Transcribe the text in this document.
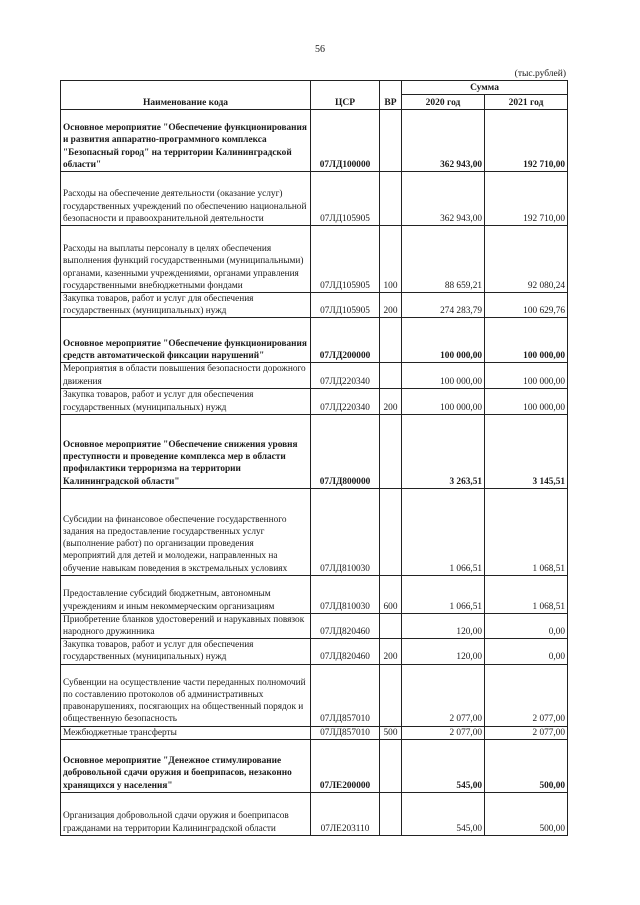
56
(тыс.рублей)
Наименование кода	ЦСР	ВР	Сумма	
			2020 год	2021 год
Основное мероприятие "Обеспечение функционирования и развития аппаратно-программного комплекса "Безопасный город" на территории Калининградской области"	07ЛД100000		362 943,00	192 710,00
Расходы на обеспечение деятельности (оказание услуг) государственных учреждений по обеспечению национальной безопасности и правоохранительной деятельности	07ЛД105905		362 943,00	192 710,00
Расходы на выплаты персоналу в целях обеспечения выполнения функций государственными (муниципальными) органами, казенными учреждениями, органами управления государственными внебюджетными фондами	07ЛД105905	100	88 659,21	92 080,24
Закупка товаров, работ и услуг для обеспечения государственных (муниципальных) нужд	07ЛД105905	200	274 283,79	100 629,76
Основное мероприятие "Обеспечение функционирования средств автоматической фиксации нарушений"	07ЛД200000		100 000,00	100 000,00
Мероприятия в области повышения безопасности дорожного движения	07ЛД220340		100 000,00	100 000,00
Закупка товаров, работ и услуг для обеспечения государственных (муниципальных) нужд	07ЛД220340	200	100 000,00	100 000,00
Основное мероприятие "Обеспечение снижения уровня преступности и проведение комплекса мер в области профилактики терроризма на территории Калининградской области"	07ЛД800000		3 263,51	3 145,51
Субсидии на финансовое обеспечение государственного задания на предоставление государственных услуг (выполнение работ) по организации проведения мероприятий для детей и молодежи, направленных на обучение навыкам поведения в экстремальных условиях	07ЛД810030		1 066,51	1 068,51
Предоставление субсидий бюджетным, автономным учреждениям и иным некоммерческим организациям	07ЛД810030	600	1 066,51	1 068,51
Приобретение бланков удостоверений и нарукавных повязок народного дружинника	07ЛД820460		120,00	0,00
Закупка товаров, работ и услуг для обеспечения государственных (муниципальных) нужд	07ЛД820460	200	120,00	0,00
Субвенции на осуществление части переданных полномочий по составлению протоколов об административных правонарушениях, посягающих на общественный порядок и общественную безопасность	07ЛД857010		2 077,00	2 077,00
Межбюджетные трансферты	07ЛД857010	500	2 077,00	2 077,00
Основное мероприятие "Денежное стимулирование добровольной сдачи оружия и боеприпасов, незаконно хранящихся у населения"	07ЛЕ200000		545,00	500,00
Организация добровольной сдачи оружия и боеприпасов гражданами на территории Калининградской области	07ЛЕ203110		545,00	500,00
